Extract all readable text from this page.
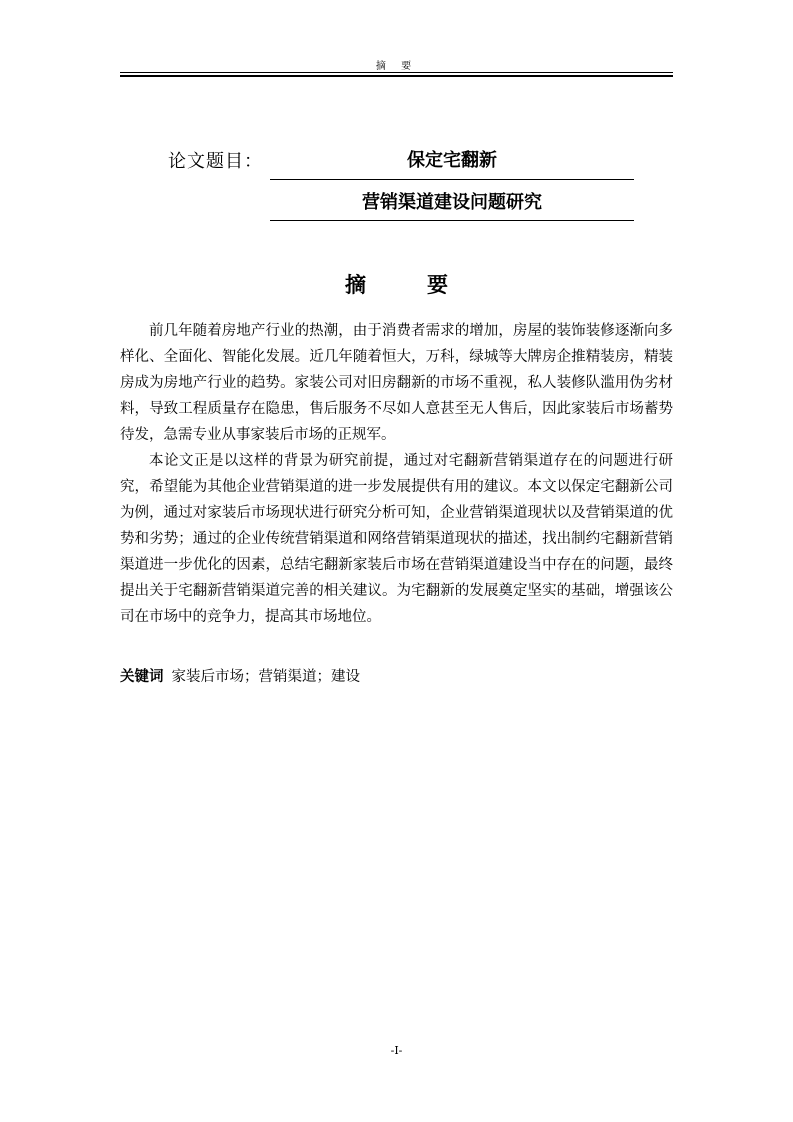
摘 要
论文题目：	保定宅翻新
营销渠道建设问题研究
摘　要

前几年随着房地产行业的热潮，由于消费者需求的增加，房屋的装饰装修逐渐向多样化、全面化、智能化发展。近几年随着恒大，万科，绿城等大牌房企推精装房，精装房成为房地产行业的趋势。家装公司对旧房翻新的市场不重视，私人装修队滥用伪劣材料，导致工程质量存在隐患，售后服务不尽如人意甚至无人售后，因此家装后市场蓄势待发，急需专业从事家装后市场的正规军。

本论文正是以这样的背景为研究前提，通过对宅翻新营销渠道存在的问题进行研究，希望能为其他企业营销渠道的进一步发展提供有用的建议。本文以保定宅翻新公司为例，通过对家装后市场现状进行研究分析可知，企业营销渠道现状以及营销渠道的优势和劣势；通过的企业传统营销渠道和网络营销渠道现状的描述，找出制约宅翻新营销渠道进一步优化的因素，总结宅翻新家装后市场在营销渠道建设当中存在的问题，最终提出关于宅翻新营销渠道完善的相关建议。为宅翻新的发展奠定坚实的基础，增强该公司在市场中的竞争力，提高其市场地位。

关键词 家装后市场；营销渠道；建设
-I-
